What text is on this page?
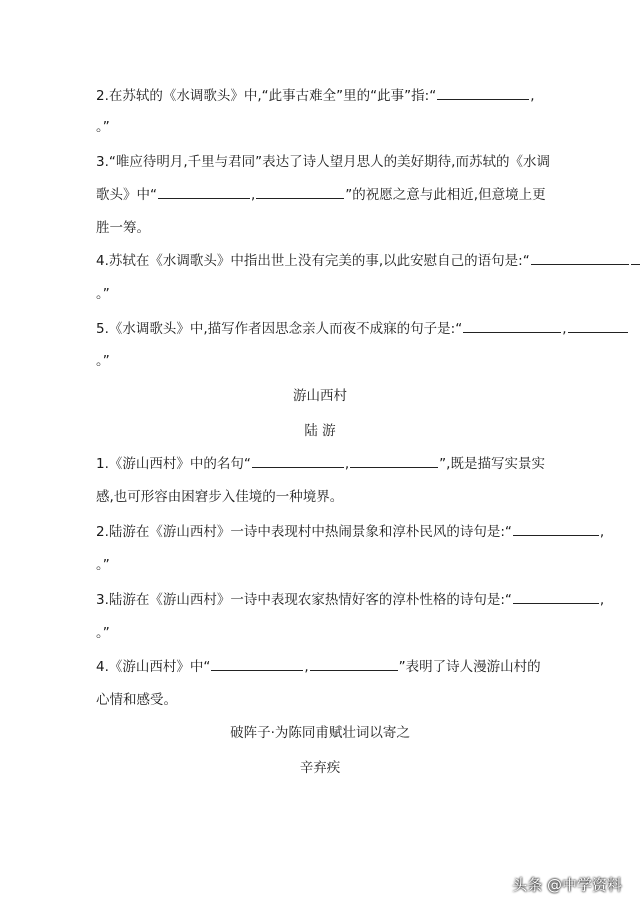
2.在苏轼的《水调歌头》中,“此事古难全”里的“此事”指:“	,
。”
3.“唯应待明月,千里与君同”表达了诗人望月思人的美好期待,而苏轼的《水调
歌头》中“	,	”的祝愿之意与此相近,但意境上更
胜一筹。
4.苏轼在《水调歌头》中指出世上没有完美的事,以此安慰自己的语句是:“
。”
5.《水调歌头》中,描写作者因思念亲人而夜不成寐的句子是:“	,
。”
游山西村
陆 游
1.《游山西村》中的名句“	,	”,既是描写实景实
感,也可形容由困窘步入佳境的一种境界。
2.陆游在《游山西村》一诗中表现村中热闹景象和淳朴民风的诗句是:“	,
。”
3.陆游在《游山西村》一诗中表现农家热情好客的淳朴性格的诗句是:“	,
。”
4.《游山西村》中“	,	”表明了诗人漫游山村的
心情和感受。
破阵子·为陈同甫赋壮词以寄之
辛弃疾
头条 @中学资料
